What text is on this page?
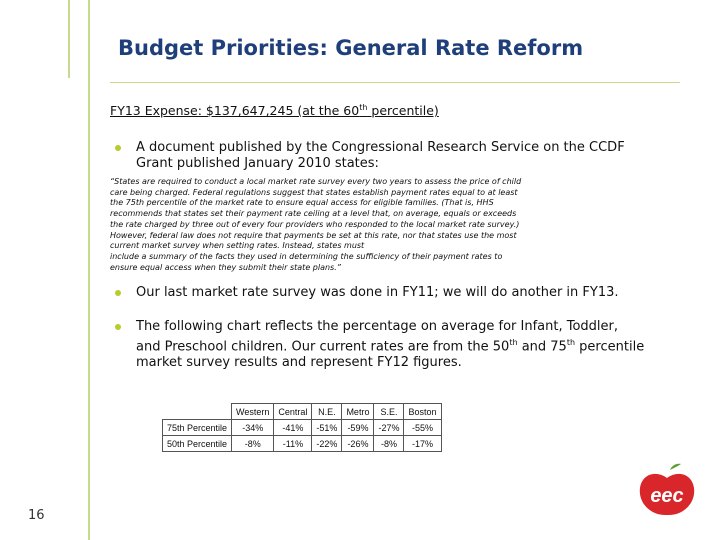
Budget Priorities: General Rate Reform
FY13 Expense: $137,647,245 (at the 60th percentile)
A document published by the Congressional Research Service on the CCDF Grant published January 2010 states:
“States are required to conduct a local market rate survey every two years to assess the price of child
care being charged. Federal regulations suggest that states establish payment rates equal to at least
the 75th percentile of the market rate to ensure equal access for eligible families. (That is, HHS
recommends that states set their payment rate ceiling at a level that, on average, equals or exceeds
the rate charged by three out of every four providers who responded to the local market rate survey.)
However, federal law does not require that payments be set at this rate, nor that states use the most
current market survey when setting rates. Instead, states must
include a summary of the facts they used in determining the sufficiency of their payment rates to
ensure equal access when they submit their state plans.”
Our last market rate survey was done in FY11; we will do another in FY13.
The following chart reflects the percentage on average for Infant, Toddler, and Preschool children. Our current rates are from the 50th and 75th percentile market survey results and represent FY12 figures.
	Western	Central	N.E.	Metro	S.E.	Boston
75th Percentile	-34%	-41%	-51%	-59%	-27%	-55%
50th Percentile	-8%	-11%	-22%	-26%	-8%	-17%
16
eec
